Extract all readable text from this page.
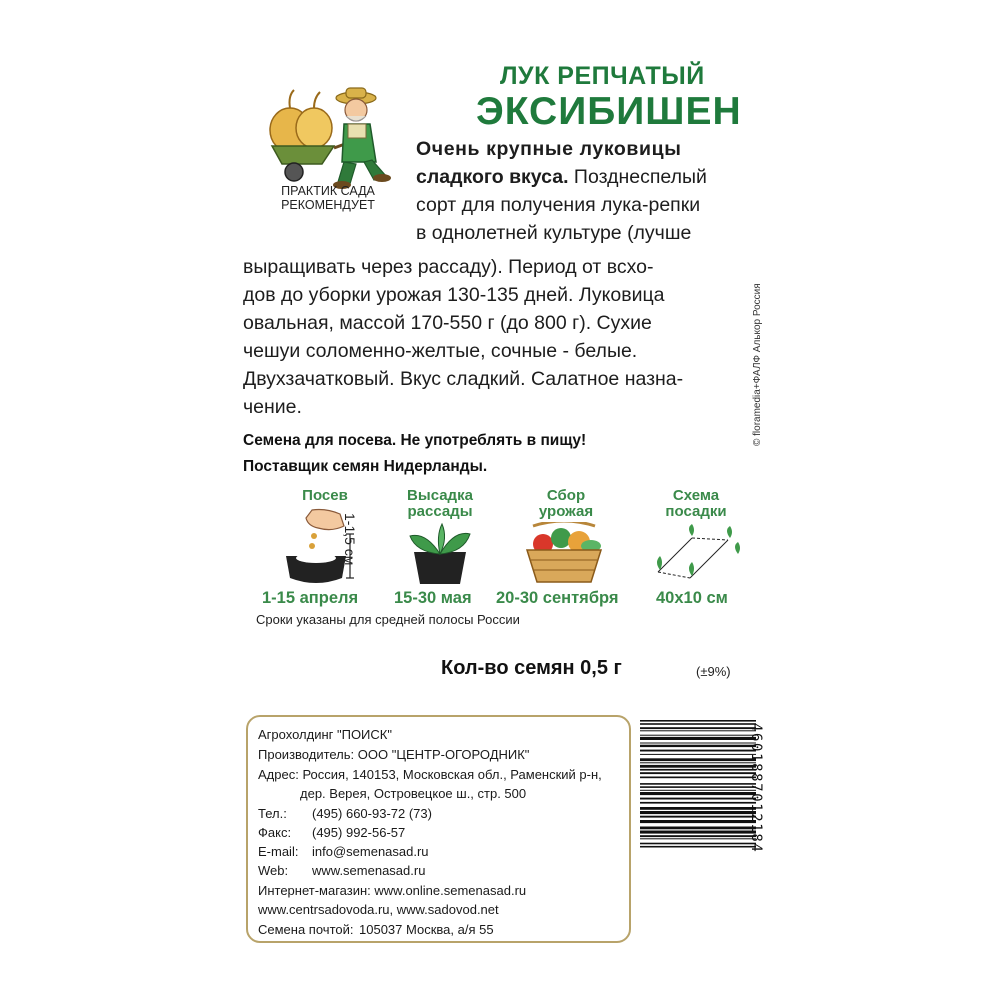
ЛУК РЕПЧАТЫЙ
ЭКСИБИШЕН
ПРАКТИК САДА
РЕКОМЕНДУЕТ
Очень крупные луковицы
сладкого вкуса. Позднеспелый
сорт для получения лука-репки
в однолетней культуре (лучше
выращивать через рассаду). Период от всхо-
дов до уборки урожая 130-135 дней. Луковица
овальная, массой 170-550 г (до 800 г). Сухие
чешуи соломенно-желтые, сочные - белые.
Двухзачатковый. Вкус сладкий. Салатное назна-
чение.
Семена для посева. Не употреблять в пищу!
Поставщик семян Нидерланды.
Посев	Высадка
рассады
Сбор
урожая
Схема
посадки
1-1,5 см
1-15 апреля 15-30 мая 20-30 сентября 40х10 см
Сроки указаны для средней полосы России
Кол-во семян 0,5 г	(±9%)
Агрохолдинг "ПОИСК"
Производитель: ООО "ЦЕНТР-ОГОРОДНИК"
Адрес: Россия, 140153, Московская обл., Раменский р-н,
дер. Верея, Островецкое ш., стр. 500
Тел.: (495) 660-93-72 (73)
Факс: (495) 992-56-57
E-mail: info@semenasad.ru
Web: www.semenasad.ru
Интернет-магазин: www.online.semenasad.ru
www.centrsadovoda.ru, www.sadovod.net
Семена почтой: 105037 Москва, а/я 55
© floramedia+ФАЛФ Алькор Россия
4601887012184
